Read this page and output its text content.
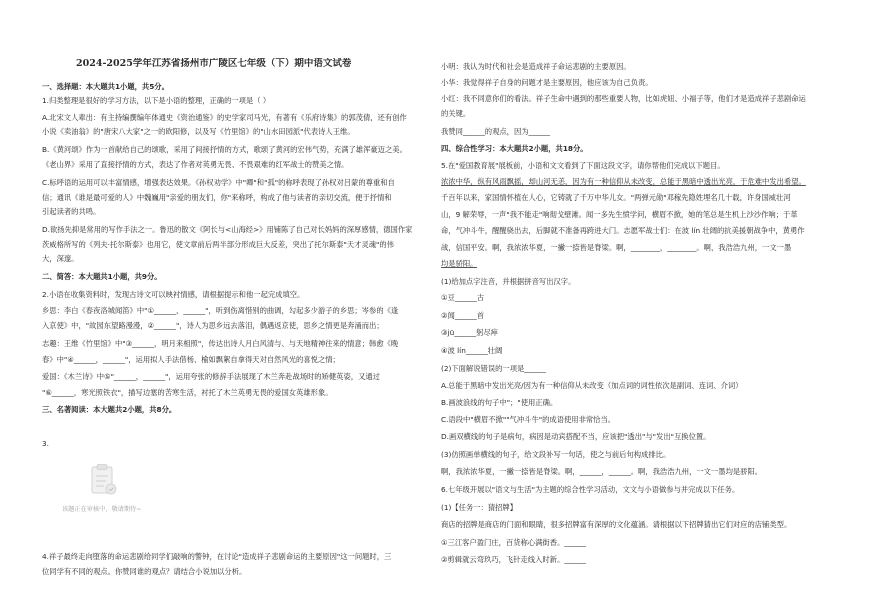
2024-2025学年江苏省扬州市广陵区七年级（下）期中语文试卷
一、选择题：本大题共1小题，共5分。
1.归类整理是很好的学习方法，以下是小语的整理，正确的一项是（ ）
A.北宋文人辈出：有主持编撰编年体通史《资治通鉴》的史学家司马光，有著有《乐府诗集》的郭茂倩，还有创作
小说《卖油翁》的"唐宋八大家"之一的欧阳修，以及写《竹里馆》的"山水田园派"代表诗人王维。
B.《黄河颂》作为一首献给自己的颂歌，采用了间接抒情的方式，歌颂了黄河的宏伟气势，充满了雄浑豪迈之美。
《老山界》采用了直接抒情的方式，表达了作者对英勇无畏、不畏艰难的红军战士的赞美之情。
C.标呼语的运用可以丰富情感，增强表达效果。《孙权劝学》中"卿"和"孤"的称呼表现了孙权对吕蒙的尊重和自
信；通讯《谁是最可爱的人》中魏巍用"亲爱的朋友们，你"来称呼，构成了他与读者的亲切交流，便于抒情和
引起读者的共鸣。
D.欲扬先抑是常用的写作手法之一。鲁迅的散文《阿长与<山海经>》用铺陈了自己对长妈妈的深厚感情，德国作家
茨威格所写的《列夫·托尔斯泰》也用它，使文章前后两半部分形成巨大反差，突出了托尔斯泰"天才灵魂"的伟
大，深邃。
二、简答：本大题共1小题，共9分。
2.小语在收集资料时，发现古诗文可以映衬情感，请根据提示和他一起完成填空。
乡思：李白《春夜洛城闻笛》中"①______，______"，听到伤离惜别的曲调，勾起多少游子的乡思；岑参的《逢
入京使》中，"故园东望路漫漫，②______"，诗人为思乡远去落泪，偶遇返京使，思乡之情更是奔涌而出；
志趣：王维《竹里馆》中"③______，明月来相照"，传达出诗人月白风清与、与天地精神往来的情意；韩愈《晚
春》中"④______，______"，运用拟人手法借杨、榆如飘絮自拿得天对自然风光的喜悦之情；
爱国：《木兰诗》中⑤"______，______"，运用夸张的修辞手法展现了木兰奔赴战场时的矫健英姿，又通过
"⑥______，寒光照铁衣"，描写边塞的苦寒生活，衬托了木兰英勇无畏的爱国女英雄形象。
三、名著阅读：本大题共2小题，共8分。
3.
该题正在审核中，敬请期待~
4.祥子最终走向堕落的命运悲剧给同学们敲响的警钟，在讨论"造成祥子悲剧命运的主要原因"这一问题时，三
位同学有不同的观点。你赞同谁的观点？请结合小说加以分析。
小明：我认为时代和社会是造成祥子命运悲剧的主要原因。
小华：我觉得祥子自身的问题才是主要原因，他应该为自己负责。
小红：我不同意你们的看法。祥子生命中遇到的那些重要人物，比如虎妞、小福子等，他们才是造成祥子悲剧命运
的关键。
我赞同______的观点，因为______
四、综合性学习：本大题共2小题，共18分。
5.在"爱国教育展"展板前，小语和文文看到了下面这段文字，请你帮他们完成以下题目。
浓浓中华，纵有风雨飘摇，却山河无恙，因为有一种信仰从未改变，总能于黑暗中透出光亮，于危难中发出希望。
千百年以来，家国情怀植在人心，它铸就了千万中华儿女。"两弹元勋"邓稼先隐姓埋名几十载，许身国威壮河
山，9 解荣辱，一声"我不能走"响彻戈壁滩。闻一多先生愤学问，横眉不掀，她的笔总是生机上沙沙作响；于革
命，气冲斗牛，醒醒骁出去，后脚就不准备再跨进大门。志愿军战士们：在波 lín 壮阔的抗美援朝战争中，黄勇作
战，信国平安。啊，我浓浓华夏，一撇一捺皆是脊梁。啊，________，________。啊，我浩浩九州，一文一墨
均是骄阳。
(1)给加点字注音，并根据拼音写出汉字。
①豆______古
②闻______首
③jū______躬尽瘁
④波 lín______壮阔
(2)下面解说错误的一项是______
A.总能于黑暗中发出光亮/因为有一种信仰从未改变（加点词的词性依次是副词、连词、介词）
B.画波浪线的句子中"；"使用正确。
C.语段中"横眉不掀""气冲斗牛"的成语使用非常恰当。
D.画双横线的句子是病句，病因是动宾搭配不当，应该把"透出"与"发出"互换位置。
(3)仿照画单横线的句子，给文段补写一句话，使之与前后句构成排比。
啊，我浓浓华夏，一撇一捺皆是脊梁。啊，______，______。啊，我浩浩九州，一文一墨均是骄阳。
6.七年级开展以"语文与生活"为主题的综合性学习活动，文文与小语做参与并完成以下任务。
(1)【任务一：猜招牌】
商店的招牌是商店的门面和眼睛，很多招牌富有深厚的文化蕴涵。请根据以下招牌猜出它们对应的店铺类型。
①三江客户盈门庄，百货称心满街香。______
②剪辑就云弯玖巧，飞针走线入时新。______
